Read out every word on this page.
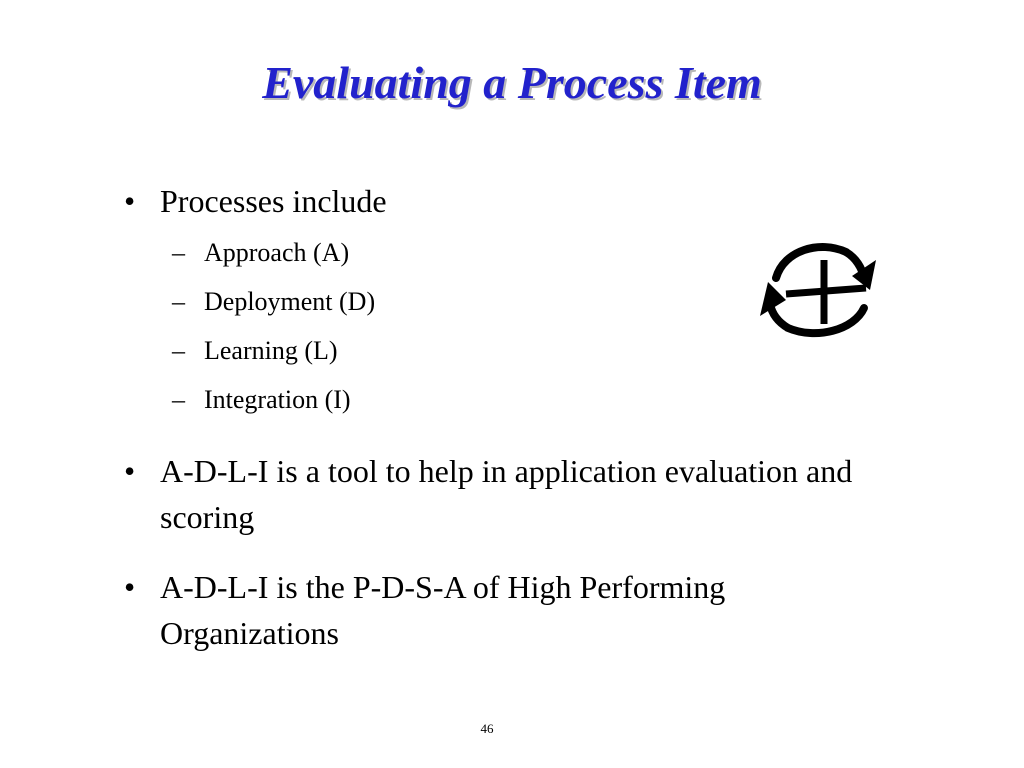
Evaluating a Process Item
• Processes include
– Approach (A)
– Deployment (D)
– Learning (L)
– Integration (I)
• A-D-L-I is a tool to help in application evaluation and scoring
• A-D-L-I is the P-D-S-A of High Performing Organizations
46
